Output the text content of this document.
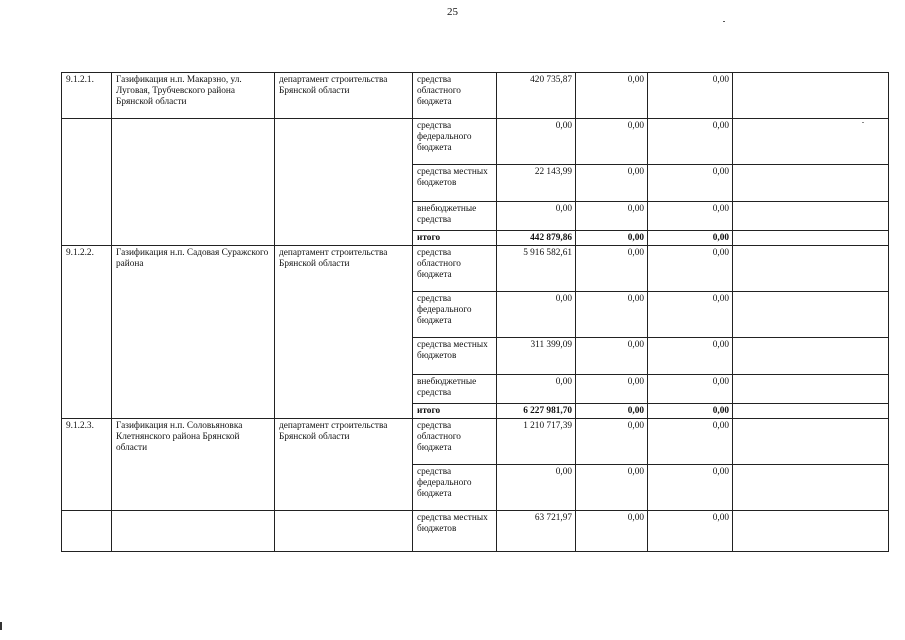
25
9.1.2.1.	Газификация н.п. Макарзно, ул. Луговая, Трубчевского района Брянской области	департамент строительства Брянской области	средства областного бюджета	420 735,87	0,00	0,00	
			средства федерального бюджета	0,00	0,00	0,00	
			средства местных бюджетов	22 143,99	0,00	0,00	
			внебюджетные средства	0,00	0,00	0,00	
			итого	442 879,86	0,00	0,00	
9.1.2.2.	Газификация н.п. Садовая Суражского района	департамент строительства Брянской области	средства областного бюджета	5 916 582,61	0,00	0,00	
			средства федерального бюджета	0,00	0,00	0,00	
			средства местных бюджетов	311 399,09	0,00	0,00	
			внебюджетные средства	0,00	0,00	0,00	
			итого	6 227 981,70	0,00	0,00	
9.1.2.3.	Газификация н.п. Соловьяновка Клетнянского района Брянской области	департамент строительства Брянской области	средства областного бюджета	1 210 717,39	0,00	0,00	
			средства федерального бюджета	0,00	0,00	0,00	
			средства местных бюджетов	63 721,97	0,00	0,00	
